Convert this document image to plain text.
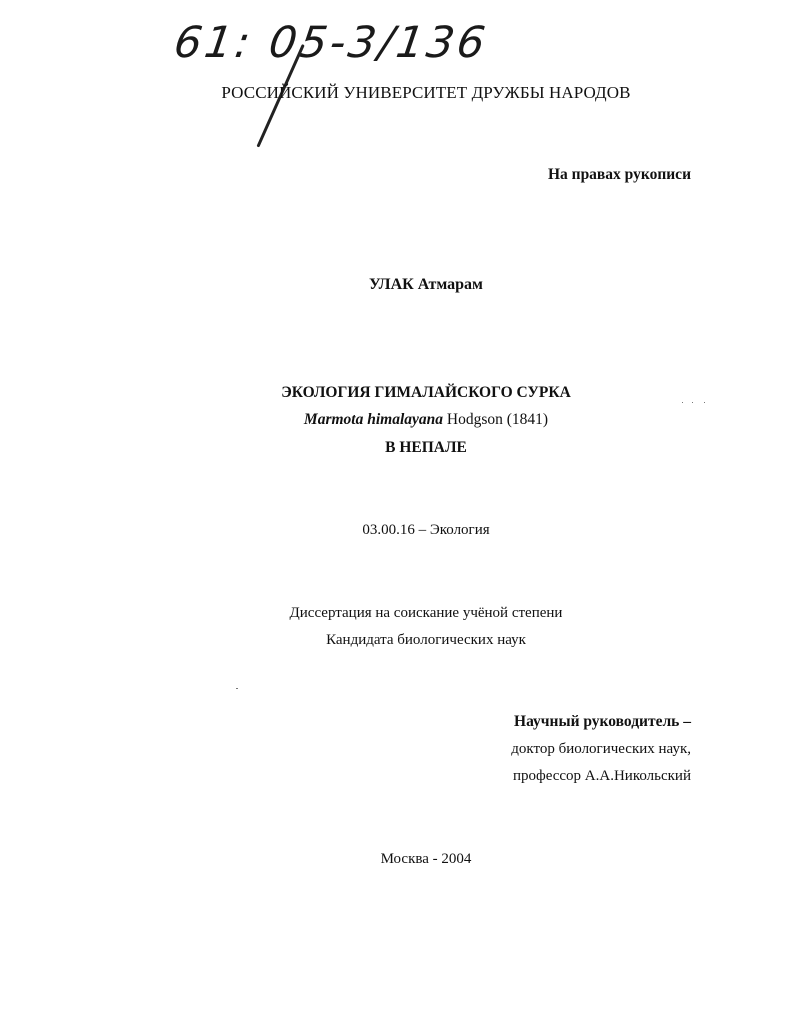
61: 05-3/136
РОССИЙСКИЙ УНИВЕРСИТЕТ ДРУЖБЫ НАРОДОВ
На правах рукописи
УЛАК Атмарам
ЭКОЛОГИЯ ГИМАЛАЙСКОГО СУРКА
Marmota himalayana Hodgson (1841)
В НЕПАЛЕ
03.00.16 – Экология
Диссертация на соискание учёной степени
Кандидата биологических наук
Научный руководитель –
доктор биологических наук,
профессор А.А.Никольский
Москва - 2004
